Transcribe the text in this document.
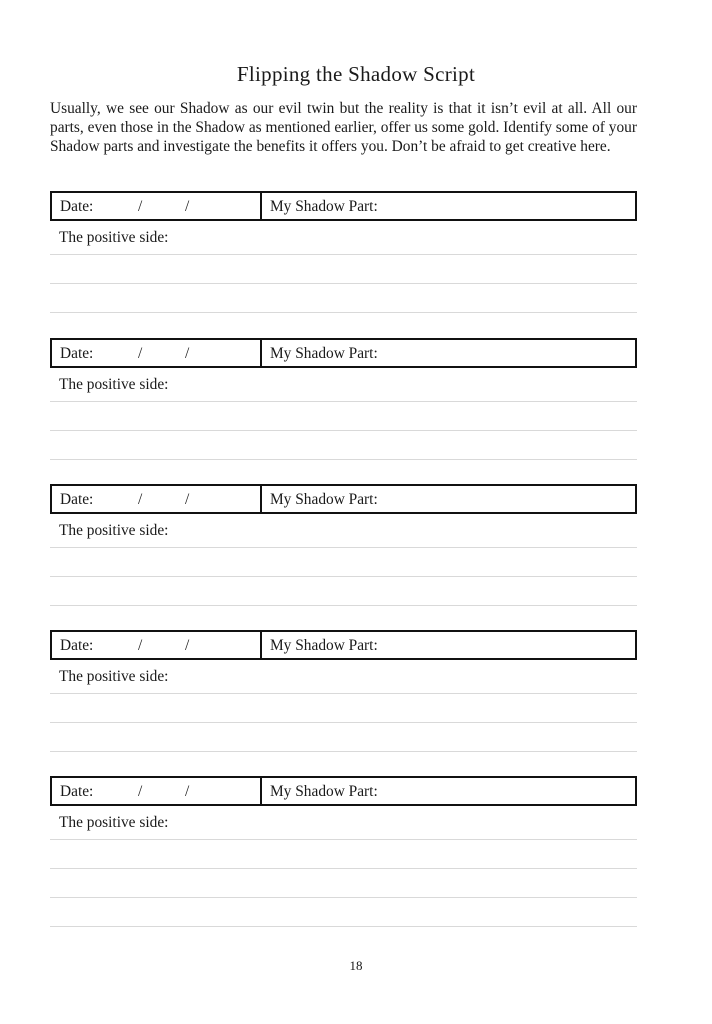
Flipping the Shadow Script
Usually, we see our Shadow as our evil twin but the reality is that it isn’t evil at all. All our parts, even those in the Shadow as mentioned earlier, offer us some gold. Identify some of your Shadow parts and investigate the benefits it offers you. Don’t be afraid to get creative here.
Date:	/	/	My Shadow Part:
The positive side:
Date:	/	/	My Shadow Part:
The positive side:
Date:	/	/	My Shadow Part:
The positive side:
Date:	/	/	My Shadow Part:
The positive side:
Date:	/	/	My Shadow Part:
The positive side:
18
